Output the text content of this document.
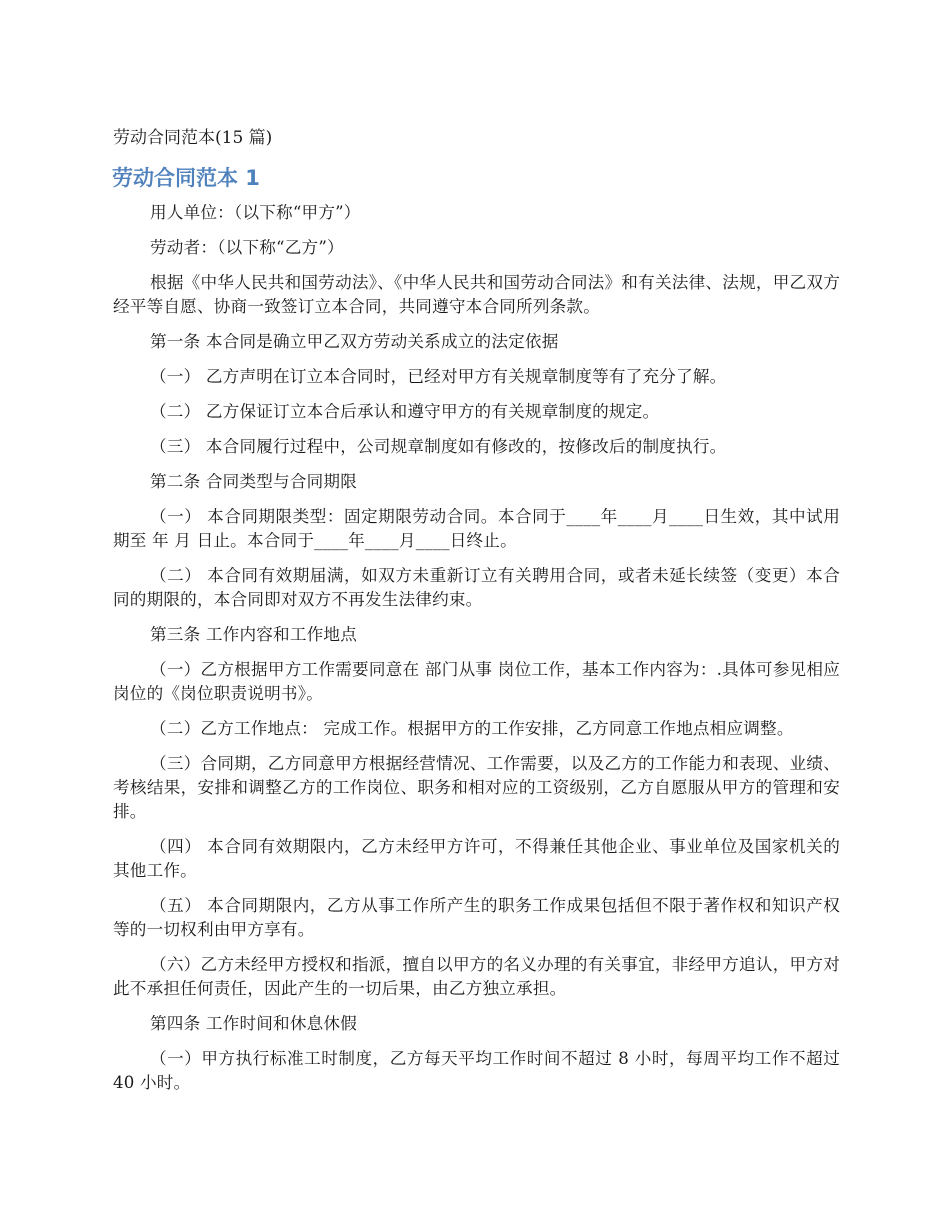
劳动合同范本(15 篇)
劳动合同范本 1

用人单位：（以下称“甲方”）

劳动者：（以下称“乙方”）

根据《中华人民共和国劳动法》、《中华人民共和国劳动合同法》和有关法律、法规，甲乙双方经平等自愿、协商一致签订立本合同，共同遵守本合同所列条款。

第一条 本合同是确立甲乙双方劳动关系成立的法定依据

（一） 乙方声明在订立本合同时，已经对甲方有关规章制度等有了充分了解。

（二） 乙方保证订立本合后承认和遵守甲方的有关规章制度的规定。

（三） 本合同履行过程中，公司规章制度如有修改的，按修改后的制度执行。

第二条 合同类型与合同期限

（一） 本合同期限类型：固定期限劳动合同。本合同于____年____月____日生效，其中试用期至 年 月 日止。本合同于____年____月____日终止。

（二） 本合同有效期届满，如双方未重新订立有关聘用合同，或者未延长续签（变更）本合同的期限的，本合同即对双方不再发生法律约束。

第三条 工作内容和工作地点

（一）乙方根据甲方工作需要同意在 部门从事 岗位工作，基本工作内容为：.具体可参见相应岗位的《岗位职责说明书》。

（二）乙方工作地点： 完成工作。根据甲方的工作安排，乙方同意工作地点相应调整。

（三）合同期，乙方同意甲方根据经营情况、工作需要，以及乙方的工作能力和表现、业绩、考核结果，安排和调整乙方的工作岗位、职务和相对应的工资级别，乙方自愿服从甲方的管理和安排。

（四） 本合同有效期限内，乙方未经甲方许可，不得兼任其他企业、事业单位及国家机关的其他工作。

（五） 本合同期限内，乙方从事工作所产生的职务工作成果包括但不限于著作权和知识产权等的一切权利由甲方享有。

（六）乙方未经甲方授权和指派，擅自以甲方的名义办理的有关事宜，非经甲方追认，甲方对此不承担任何责任，因此产生的一切后果，由乙方独立承担。

第四条 工作时间和休息休假

（一）甲方执行标准工时制度，乙方每天平均工作时间不超过 8 小时，每周平均工作不超过 40 小时。
